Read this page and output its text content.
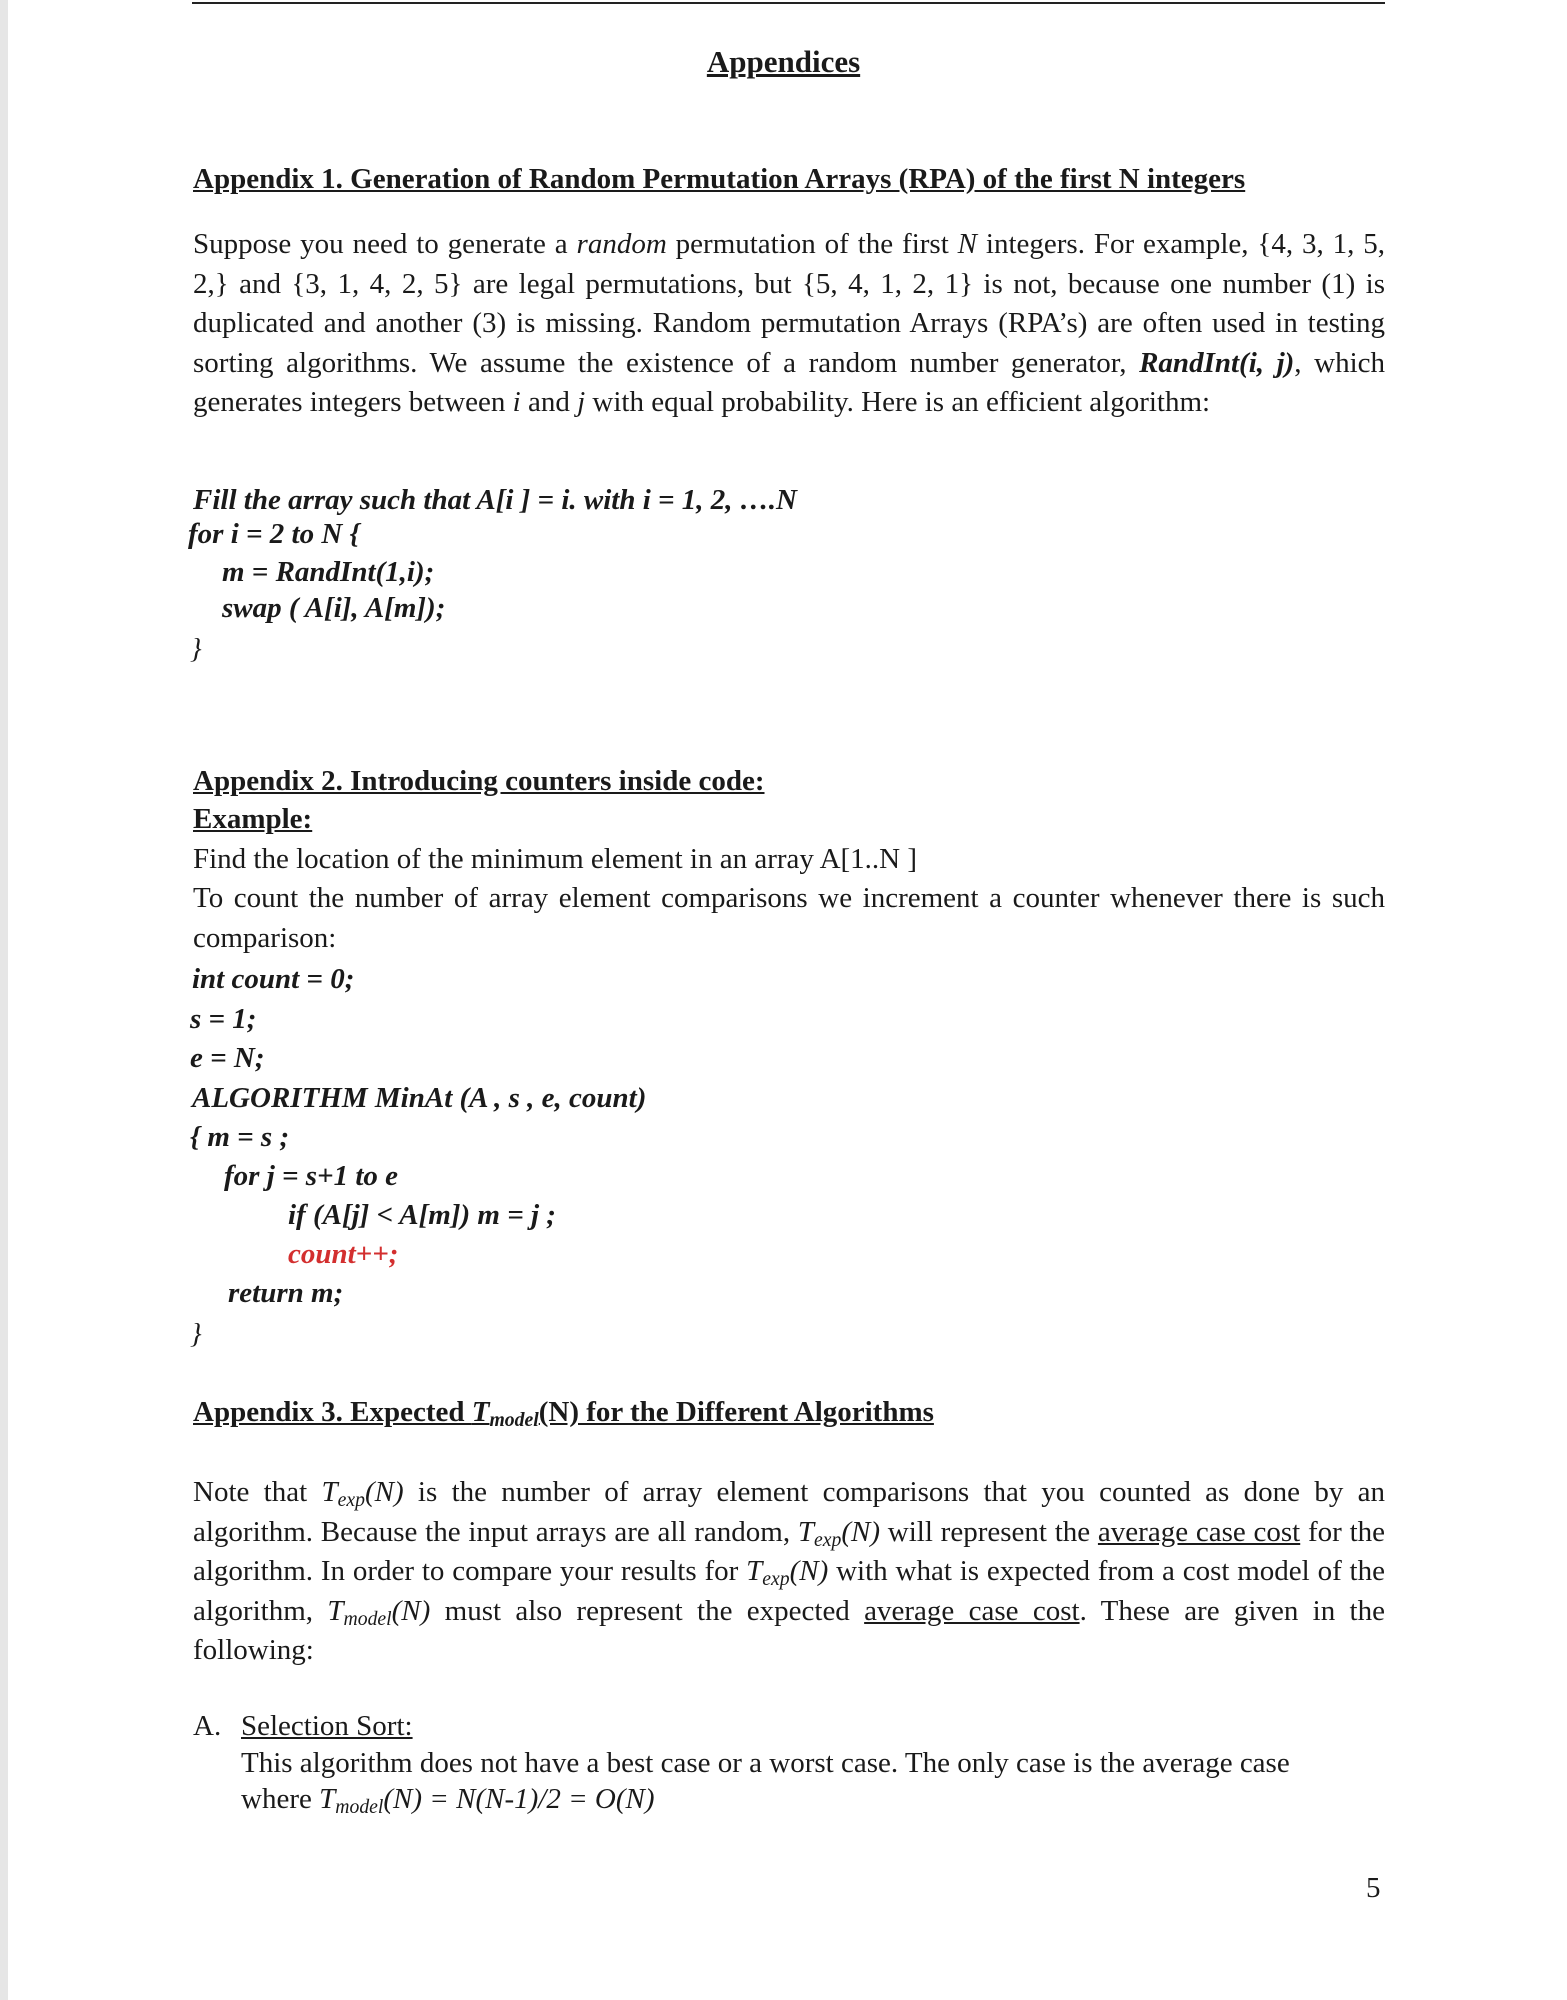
Appendices
Appendix 1. Generation of Random Permutation Arrays (RPA) of the first N integers
Suppose you need to generate a random permutation of the first N integers. For example, {4, 3, 1, 5, 2,} and {3, 1, 4, 2, 5} are legal permutations, but {5, 4, 1, 2, 1} is not, because one number (1) is duplicated and another (3) is missing. Random permutation Arrays (RPA’s) are often used in testing sorting algorithms. We assume the existence of a random number generator, RandInt(i, j), which generates integers between i and j with equal probability. Here is an efficient algorithm:
Fill the array such that A[i ] = i. with i = 1, 2, ….N
for i = 2 to N {
m = RandInt(1,i);
swap ( A[i], A[m]);
}
Appendix 2. Introducing counters inside code:
Example:
Find the location of the minimum element in an array A[1..N ]
To count the number of array element comparisons we increment a counter whenever there is such comparison:
int count = 0;
s = 1;
e = N;
ALGORITHM MinAt (A , s , e, count)
{ m = s ;
for j = s+1 to e
if (A[j] < A[m]) m = j ;
count++;
return m;
}
Appendix 3. Expected $T_{model}(N)$ for the Different Algorithms
Note that $T_{exp}(N)$ is the number of array element comparisons that you counted as done by an algorithm. Because the input arrays are all random, $T_{exp}(N)$ will represent the average case cost for the algorithm. In order to compare your results for $T_{exp}(N)$ with what is expected from a cost model of the algorithm, $T_{model}(N)$ must also represent the expected average case cost. These are given in the following:
A. Selection Sort:
This algorithm does not have a best case or a worst case. The only case is the average case
where $T_{model}(N) = N(N-1)/2 = O(N)$
5
